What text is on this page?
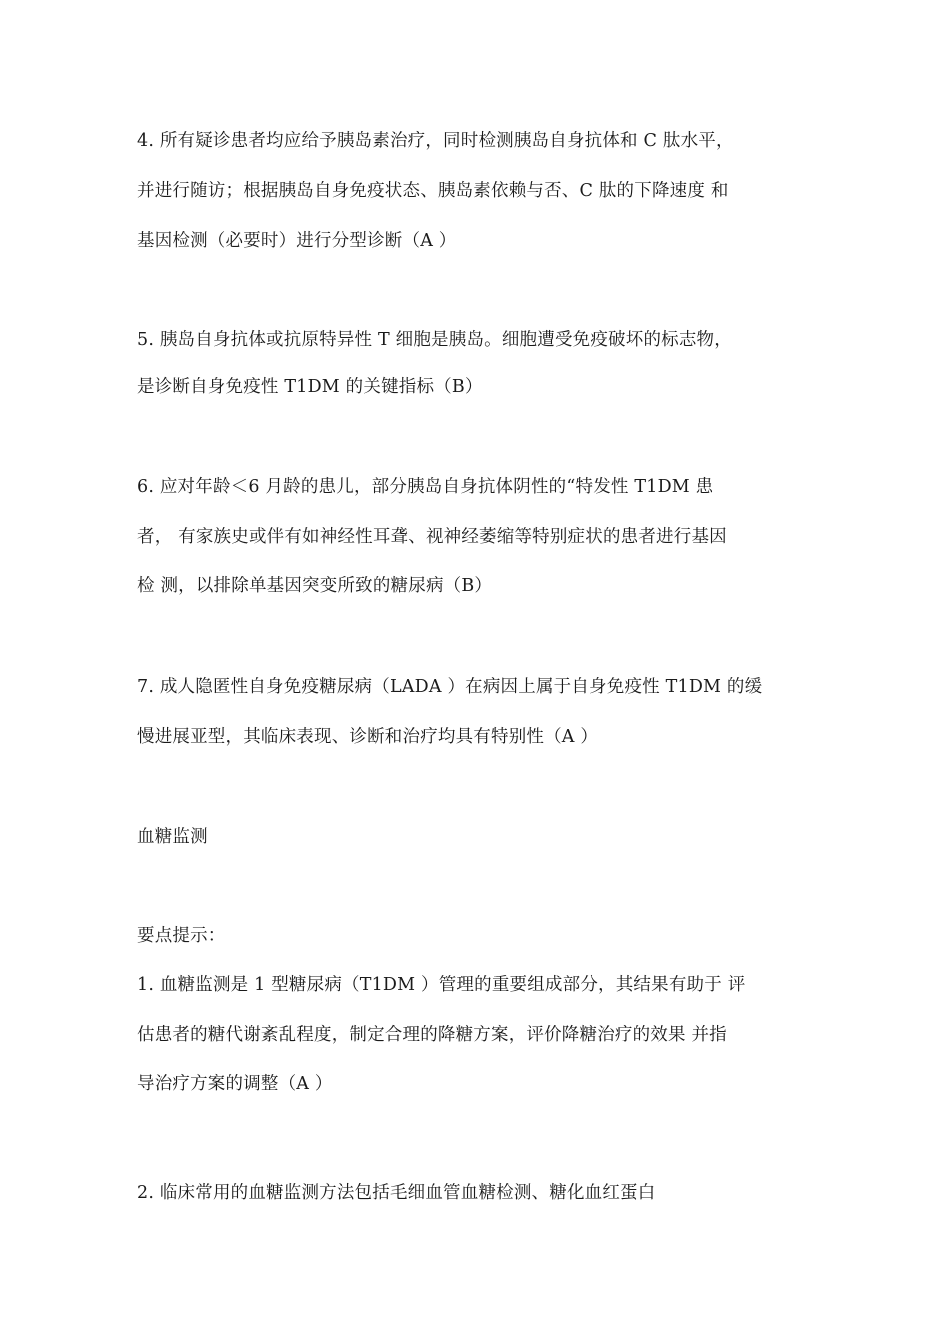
4. 所有疑诊患者均应给予胰岛素治疗，同时检测胰岛自身抗体和 C 肽水平，
并进行随访；根据胰岛自身免疫状态、胰岛素依赖与否、C 肽的下降速度 和
基因检测（必要时）进行分型诊断（A ）
5. 胰岛自身抗体或抗原特异性 T 细胞是胰岛。细胞遭受免疫破坏的标志物，
是诊断自身免疫性 T1DM 的关键指标（B）
6. 应对年龄＜6 月龄的患儿，部分胰岛自身抗体阴性的“特发性 T1DM 患
者， 有家族史或伴有如神经性耳聋、视神经萎缩等特别症状的患者进行基因
检 测，以排除单基因突变所致的糖尿病（B）
7. 成人隐匿性自身免疫糖尿病（LADA ）在病因上属于自身免疫性 T1DM 的缓
慢进展亚型，其临床表现、诊断和治疗均具有特别性（A ）
血糖监测
要点提示：
1. 血糖监测是 1 型糖尿病（T1DM ）管理的重要组成部分，其结果有助于 评
估患者的糖代谢紊乱程度，制定合理的降糖方案，评价降糖治疗的效果 并指
导治疗方案的调整（A ）
2. 临床常用的血糖监测方法包括毛细血管血糖检测、糖化血红蛋白
